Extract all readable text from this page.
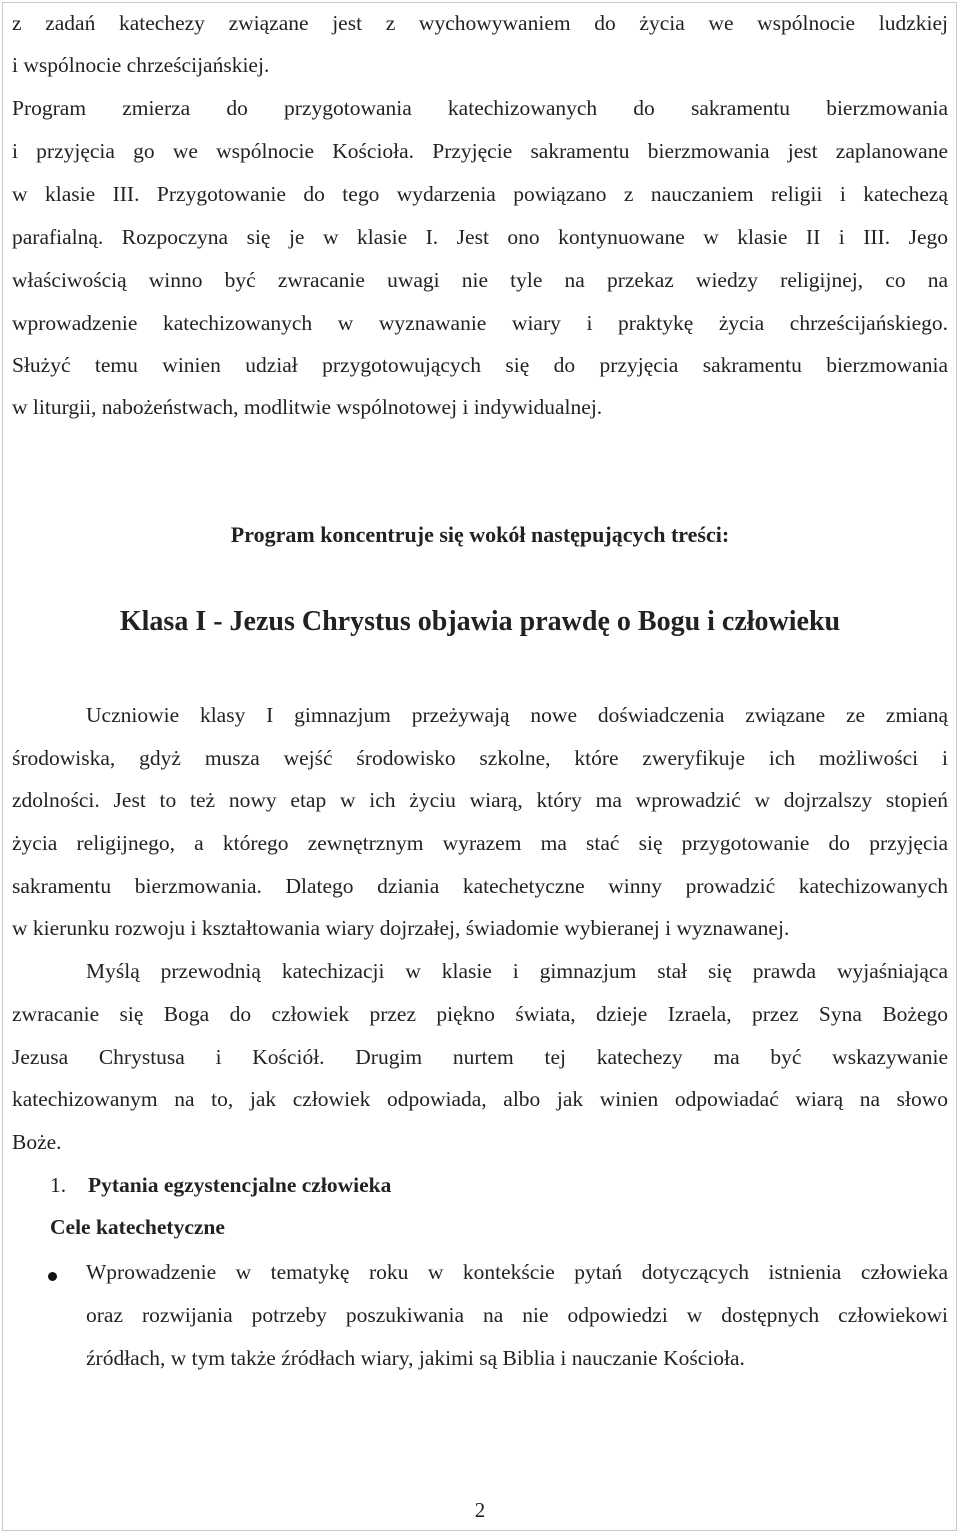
z zadań katechezy związane jest z wychowywaniem do życia we wspólnocie ludzkiej
i wspólnocie chrześcijańskiej.
Program zmierza do przygotowania katechizowanych do sakramentu bierzmowania
i przyjęcia go we wspólnocie Kościoła. Przyjęcie sakramentu bierzmowania jest zaplanowane
w klasie III. Przygotowanie do tego wydarzenia powiązano z nauczaniem religii i katechezą
parafialną. Rozpoczyna się je w klasie I. Jest ono kontynuowane w klasie II i III. Jego
właściwością winno być zwracanie uwagi nie tyle na przekaz wiedzy religijnej, co na
wprowadzenie katechizowanych w wyznawanie wiary i praktykę życia chrześcijańskiego.
Służyć temu winien udział przygotowujących się do przyjęcia sakramentu bierzmowania
w liturgii, nabożeństwach, modlitwie wspólnotowej i indywidualnej.
Program koncentruje się wokół następujących treści:
Klasa I - Jezus Chrystus objawia prawdę o Bogu i człowieku
Uczniowie klasy I gimnazjum przeżywają nowe doświadczenia związane ze zmianą
środowiska, gdyż musza wejść środowisko szkolne, które zweryfikuje ich możliwości i
zdolności. Jest to też nowy etap w ich życiu wiarą, który ma wprowadzić w dojrzalszy stopień
życia religijnego, a którego zewnętrznym wyrazem ma stać się przygotowanie do przyjęcia
sakramentu bierzmowania. Dlatego dziania katechetyczne winny prowadzić katechizowanych
w kierunku rozwoju i kształtowania wiary dojrzałej, świadomie wybieranej i wyznawanej.
Myślą przewodnią katechizacji w klasie i gimnazjum stał się prawda wyjaśniająca
zwracanie się Boga do człowiek przez piękno świata, dzieje Izraela, przez Syna Bożego
Jezusa Chrystusa i Kościół. Drugim nurtem tej katechezy ma być wskazywanie
katechizowanym na to, jak człowiek odpowiada, albo jak winien odpowiadać wiarą na słowo
Boże.
1. Pytania egzystencjalne człowieka
Cele katechetyczne
Wprowadzenie w tematykę roku w kontekście pytań dotyczących istnienia człowieka
oraz rozwijania potrzeby poszukiwania na nie odpowiedzi w dostępnych człowiekowi
źródłach, w tym także źródłach wiary, jakimi są Biblia i nauczanie Kościoła.
2
